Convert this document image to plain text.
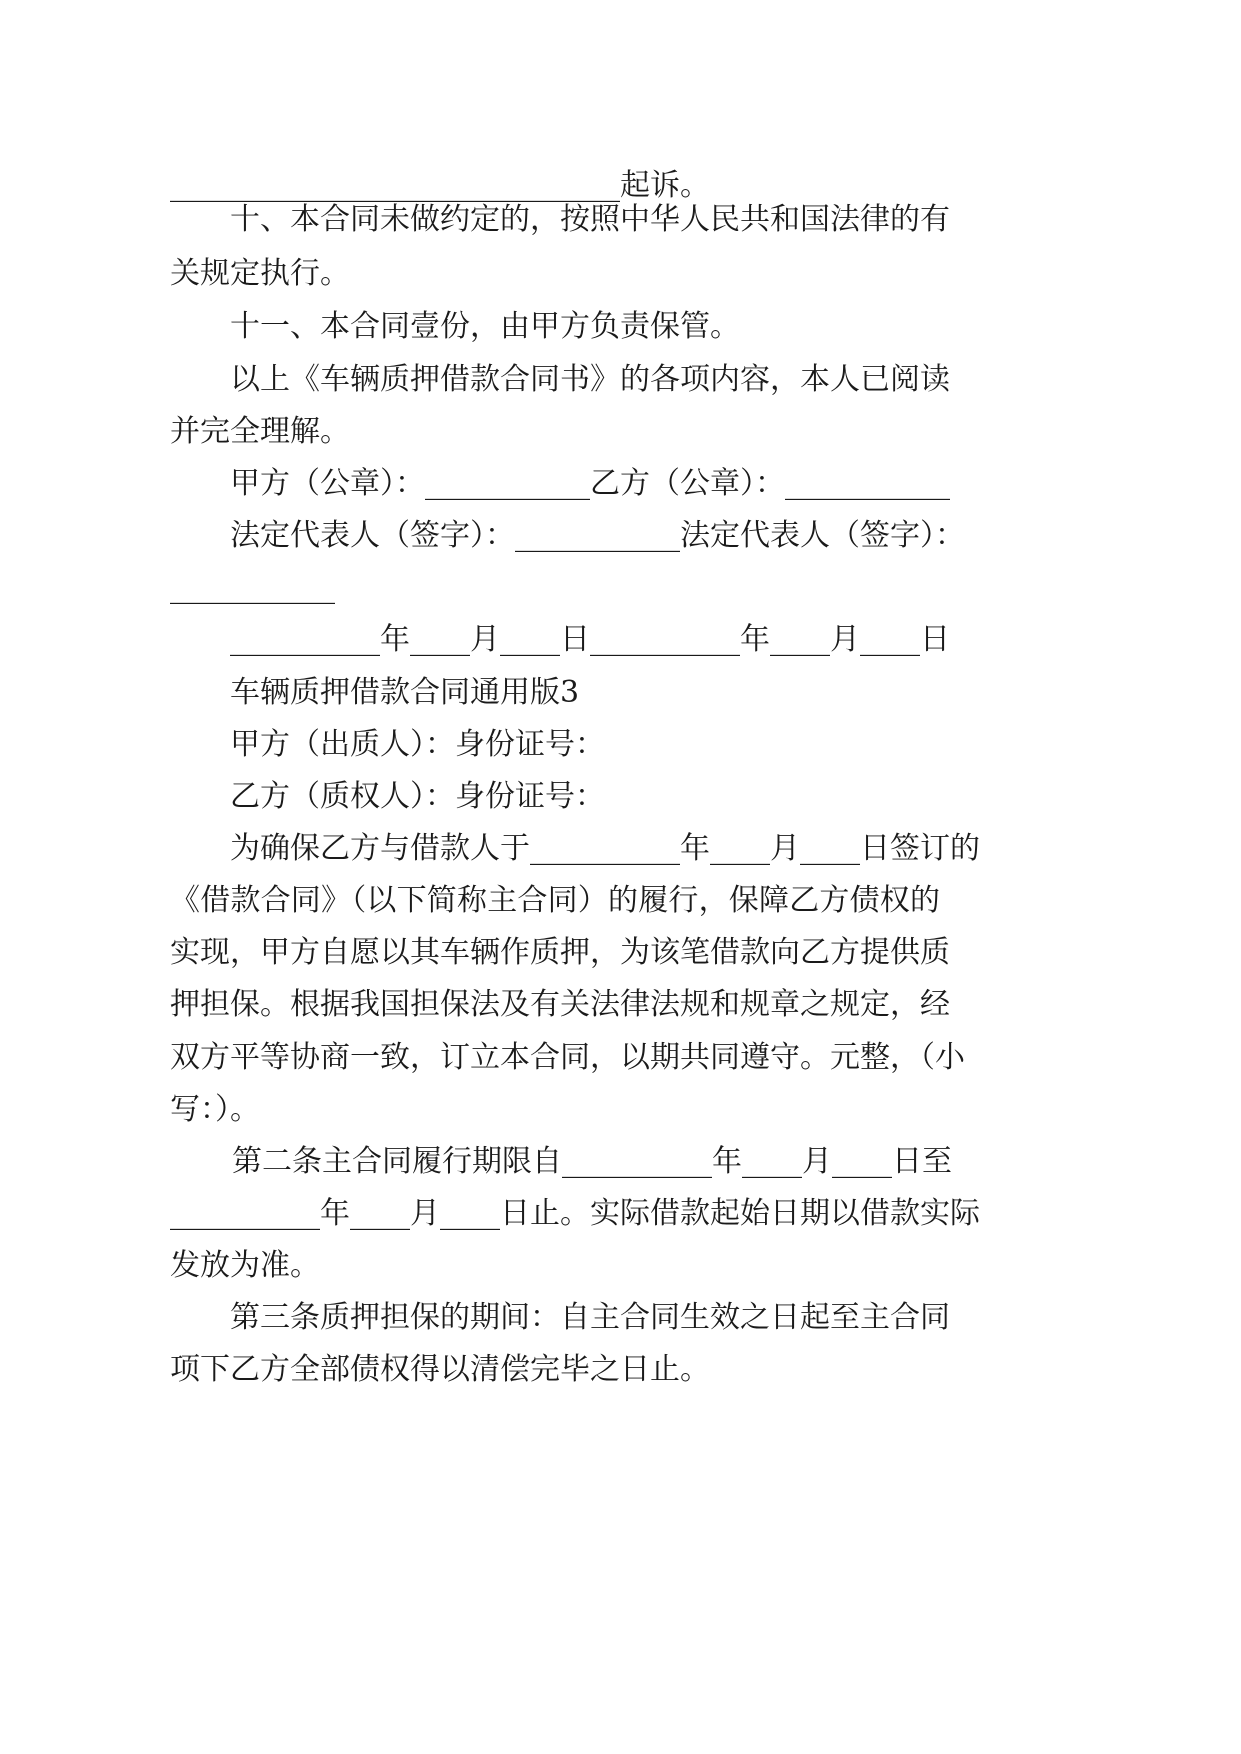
______________________________起诉。
十、本合同未做约定的，按照中华人民共和国法律的有
关规定执行。
十一、本合同壹份，由甲方负责保管。
以上《车辆质押借款合同书》的各项内容，本人已阅读
并完全理解。
甲方（公章）：___________乙方（公章）：___________
法定代表人（签字）：___________法定代表人（签字）：
___________
__________年____月____日__________年____月____日
车辆质押借款合同通用版3
甲方（出质人）：身份证号：
乙方（质权人）：身份证号：
为确保乙方与借款人于__________年____月____日签订的
《借款合同》（以下简称主合同）的履行，保障乙方债权的
实现，甲方自愿以其车辆作质押，为该笔借款向乙方提供质
押担保。根据我国担保法及有关法律法规和规章之规定，经
双方平等协商一致，订立本合同，以期共同遵守。元整，（小
写：）。
第二条主合同履行期限自__________年____月____日至
__________年____月____日止。实际借款起始日期以借款实际
发放为准。
第三条质押担保的期间：自主合同生效之日起至主合同
项下乙方全部债权得以清偿完毕之日止。
